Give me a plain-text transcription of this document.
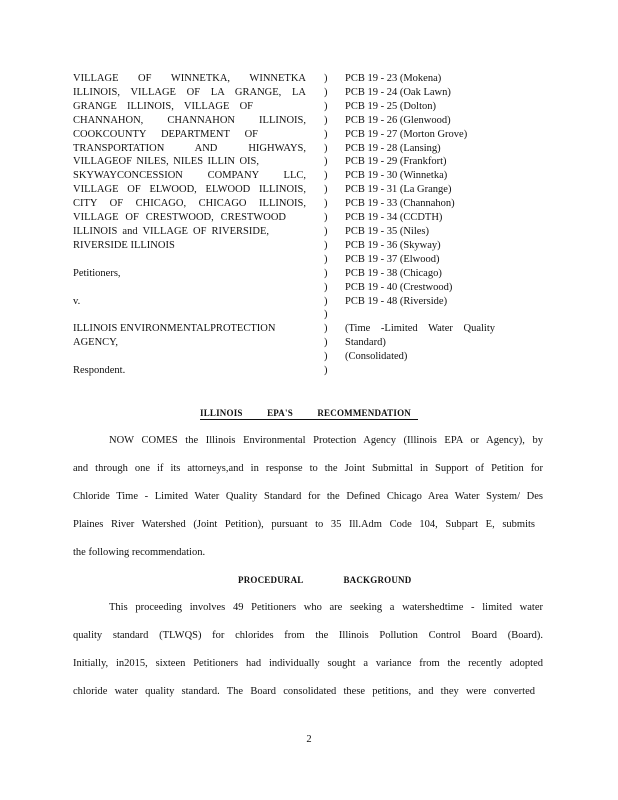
VILLAGE OF WINNETKA, WINNETKA
ILLINOIS, VILLAGE OF LA GRANGE, LA
GRANGE ILLINOIS, VILLAGE OF
CHANNAHON, CHANNAHON ILLINOIS,
COOKCOUNTY DEPARTMENT OF
TRANSPORTATION AND HIGHWAYS,
VILLAGEOF NILES, NILES ILLIN OIS,
SKYWAYCONCESSION COMPANY LLC,
VILLAGE OF ELWOOD, ELWOOD ILLINOIS,
CITY OF CHICAGO, CHICAGO ILLINOIS,
VILLAGE OF CRESTWOOD, CRESTWOOD
ILLINOIS and VILLAGE OF RIVERSIDE,
RIVERSIDE ILLINOIS

Petitioners,

v.

ILLINOIS ENVIRONMENTALPROTECTION
AGENCY,

Respondent.
)
)
)
)
)
)
)
)
)
)
)
)
)
)
)
)
)
)
)
)
)
)
PCB 19 - 23 (Mokena)
PCB 19 - 24 (Oak Lawn)
PCB 19 - 25 (Dolton)
PCB 19 - 26 (Glenwood)
PCB 19 - 27 (Morton Grove)
PCB 19 - 28 (Lansing)
PCB 19 - 29 (Frankfort)
PCB 19 - 30 (Winnetka)
PCB 19 - 31 (La Grange)
PCB 19 - 33 (Channahon)
PCB 19 - 34 (CCDTH)
PCB 19 - 35 (Niles)
PCB 19 - 36 (Skyway)
PCB 19 - 37 (Elwood)
PCB 19 - 38 (Chicago)
PCB 19 - 40 (Crestwood)
PCB 19 - 48 (Riverside)

(Time -Limited Water Quality
Standard)
(Consolidated)
ILLINOIS EPA'S RECOMMENDATION
NOW COMES the Illinois Environmental Protection Agency (Illinois EPA or Agency), by
and through one if its attorneys,and in response to the Joint Submittal in Support of Petition for
Chloride Time - Limited Water Quality Standard for the Defined Chicago Area Water System/ Des
Plaines River Watershed (Joint Petition), pursuant to 35 Ill.Adm Code 104, Subpart E, submits
the following recommendation.
PROCEDURAL BACKGROUND
This proceeding involves 49 Petitioners who are seeking a watershedtime - limited water
quality standard (TLWQS) for chlorides from the Illinois Pollution Control Board (Board).
Initially, in2015, sixteen Petitioners had individually sought a variance from the recently adopted
chloride water quality standard. The Board consolidated these petitions, and they were converted
2
